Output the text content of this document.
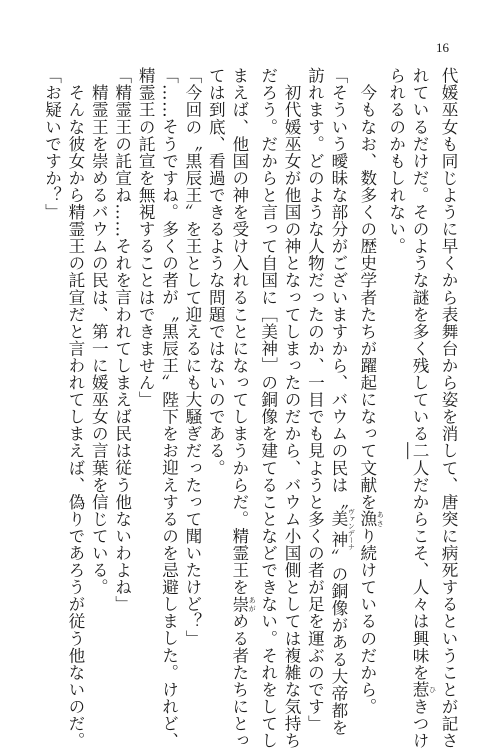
16
代媛巫女も同じように早くから表舞台から姿を消して、唐突に病死するということが記さ
れているだけだ。そのような謎を多く残している二人だからこそ、人々は興味を惹 ひきつけ
られるのかもしれない。
　今もなお、数多くの歴史学者たちが躍起になって文献を漁 あさり続けているのだから。
「そういう曖昧な部分がございますから、バウムの民は〝美神 ヴァンデーナ〟の銅像がある大帝都を
訪れます。どのような人物だったのか、一目でも見ようと多くの者が足を運ぶのです」
　初代媛巫女が他国の神となってしまったのだから、バウム小国側としては複雑な気持ち
だろう。だからと言って自国に［美神］の銅像を建てることなどできない。それをしてし
まえば、他国の神を受け入れることになってしまうからだ。精霊王を崇 あがめる者たちにとっ
ては到底、看過できるような問題ではないのである。
「今回の〝黒辰王〟を王として迎えるにも大騒ぎだったって聞いたけど？」
「……そうですね。多くの者が〝黒辰王〟陛下をお迎えするのを忌避しました。けれど、
精霊王の託宣を無視することはできません」
「精霊王の託宣ね……それを言われてしまえば民は従う他ないわよね」
　精霊王を崇めるバウムの民は、第一に媛巫女の言葉を信じている。
　そんな彼女から精霊王の託宣だと言われてしまえば、偽りであろうが従う他ないのだ。
「お疑いですか？」
